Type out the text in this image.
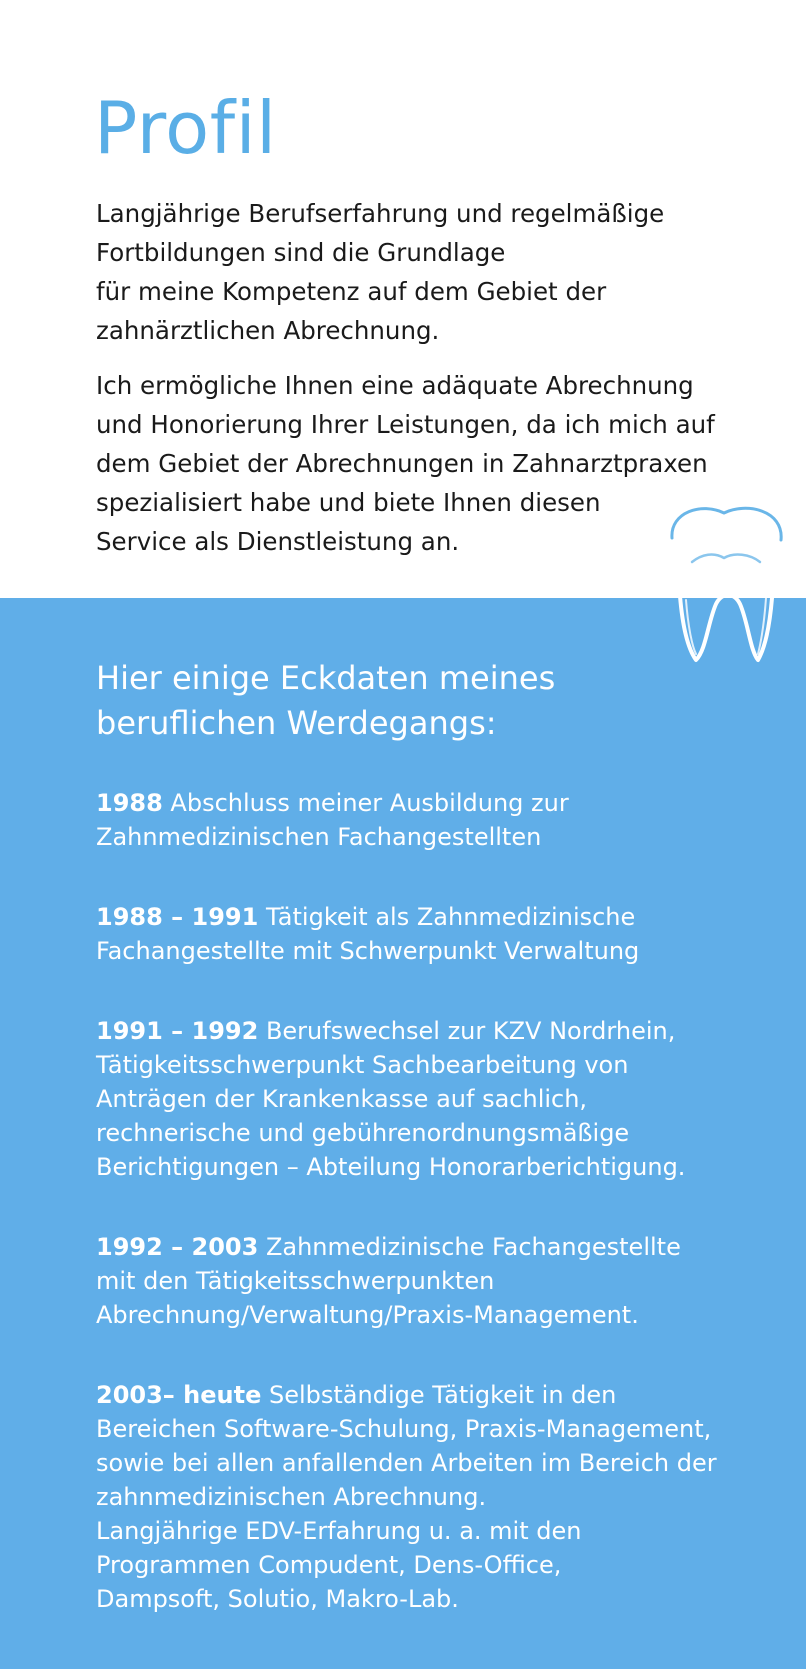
Profil

Langjährige Berufserfahrung und regelmäßige
Fortbildungen sind die Grundlage
für meine Kompetenz auf dem Gebiet der
zahnärztlichen Abrechnung.

Ich ermögliche Ihnen eine adäquate Abrechnung
und Honorierung Ihrer Leistungen, da ich mich auf
dem Gebiet der Abrechnungen in Zahnarztpraxen
spezialisiert habe und biete Ihnen diesen
Service als Dienstleistung an.

Hier einige Eckdaten meines
beruflichen Werdegangs:
1988 Abschluss meiner Ausbildung zur
Zahnmedizinischen Fachangestellten
1988 – 1991 Tätigkeit als Zahnmedizinische
Fachangestellte mit Schwerpunkt Verwaltung
1991 – 1992 Berufswechsel zur KZV Nordrhein,
Tätigkeitsschwerpunkt Sachbearbeitung von
Anträgen der Krankenkasse auf sachlich,
rechnerische und gebührenordnungsmäßige
Berichtigungen – Abteilung Honorarberichtigung.
1992 – 2003 Zahnmedizinische Fachangestellte
mit den Tätigkeitsschwerpunkten
Abrechnung/Verwaltung/Praxis-Management.
2003– heute Selbständige Tätigkeit in den
Bereichen Software-Schulung, Praxis-Management,
sowie bei allen anfallenden Arbeiten im Bereich der
zahnmedizinischen Abrechnung.
Langjährige EDV-Erfahrung u. a. mit den
Programmen Compudent, Dens-Office,
Dampsoft, Solutio, Makro-Lab.
